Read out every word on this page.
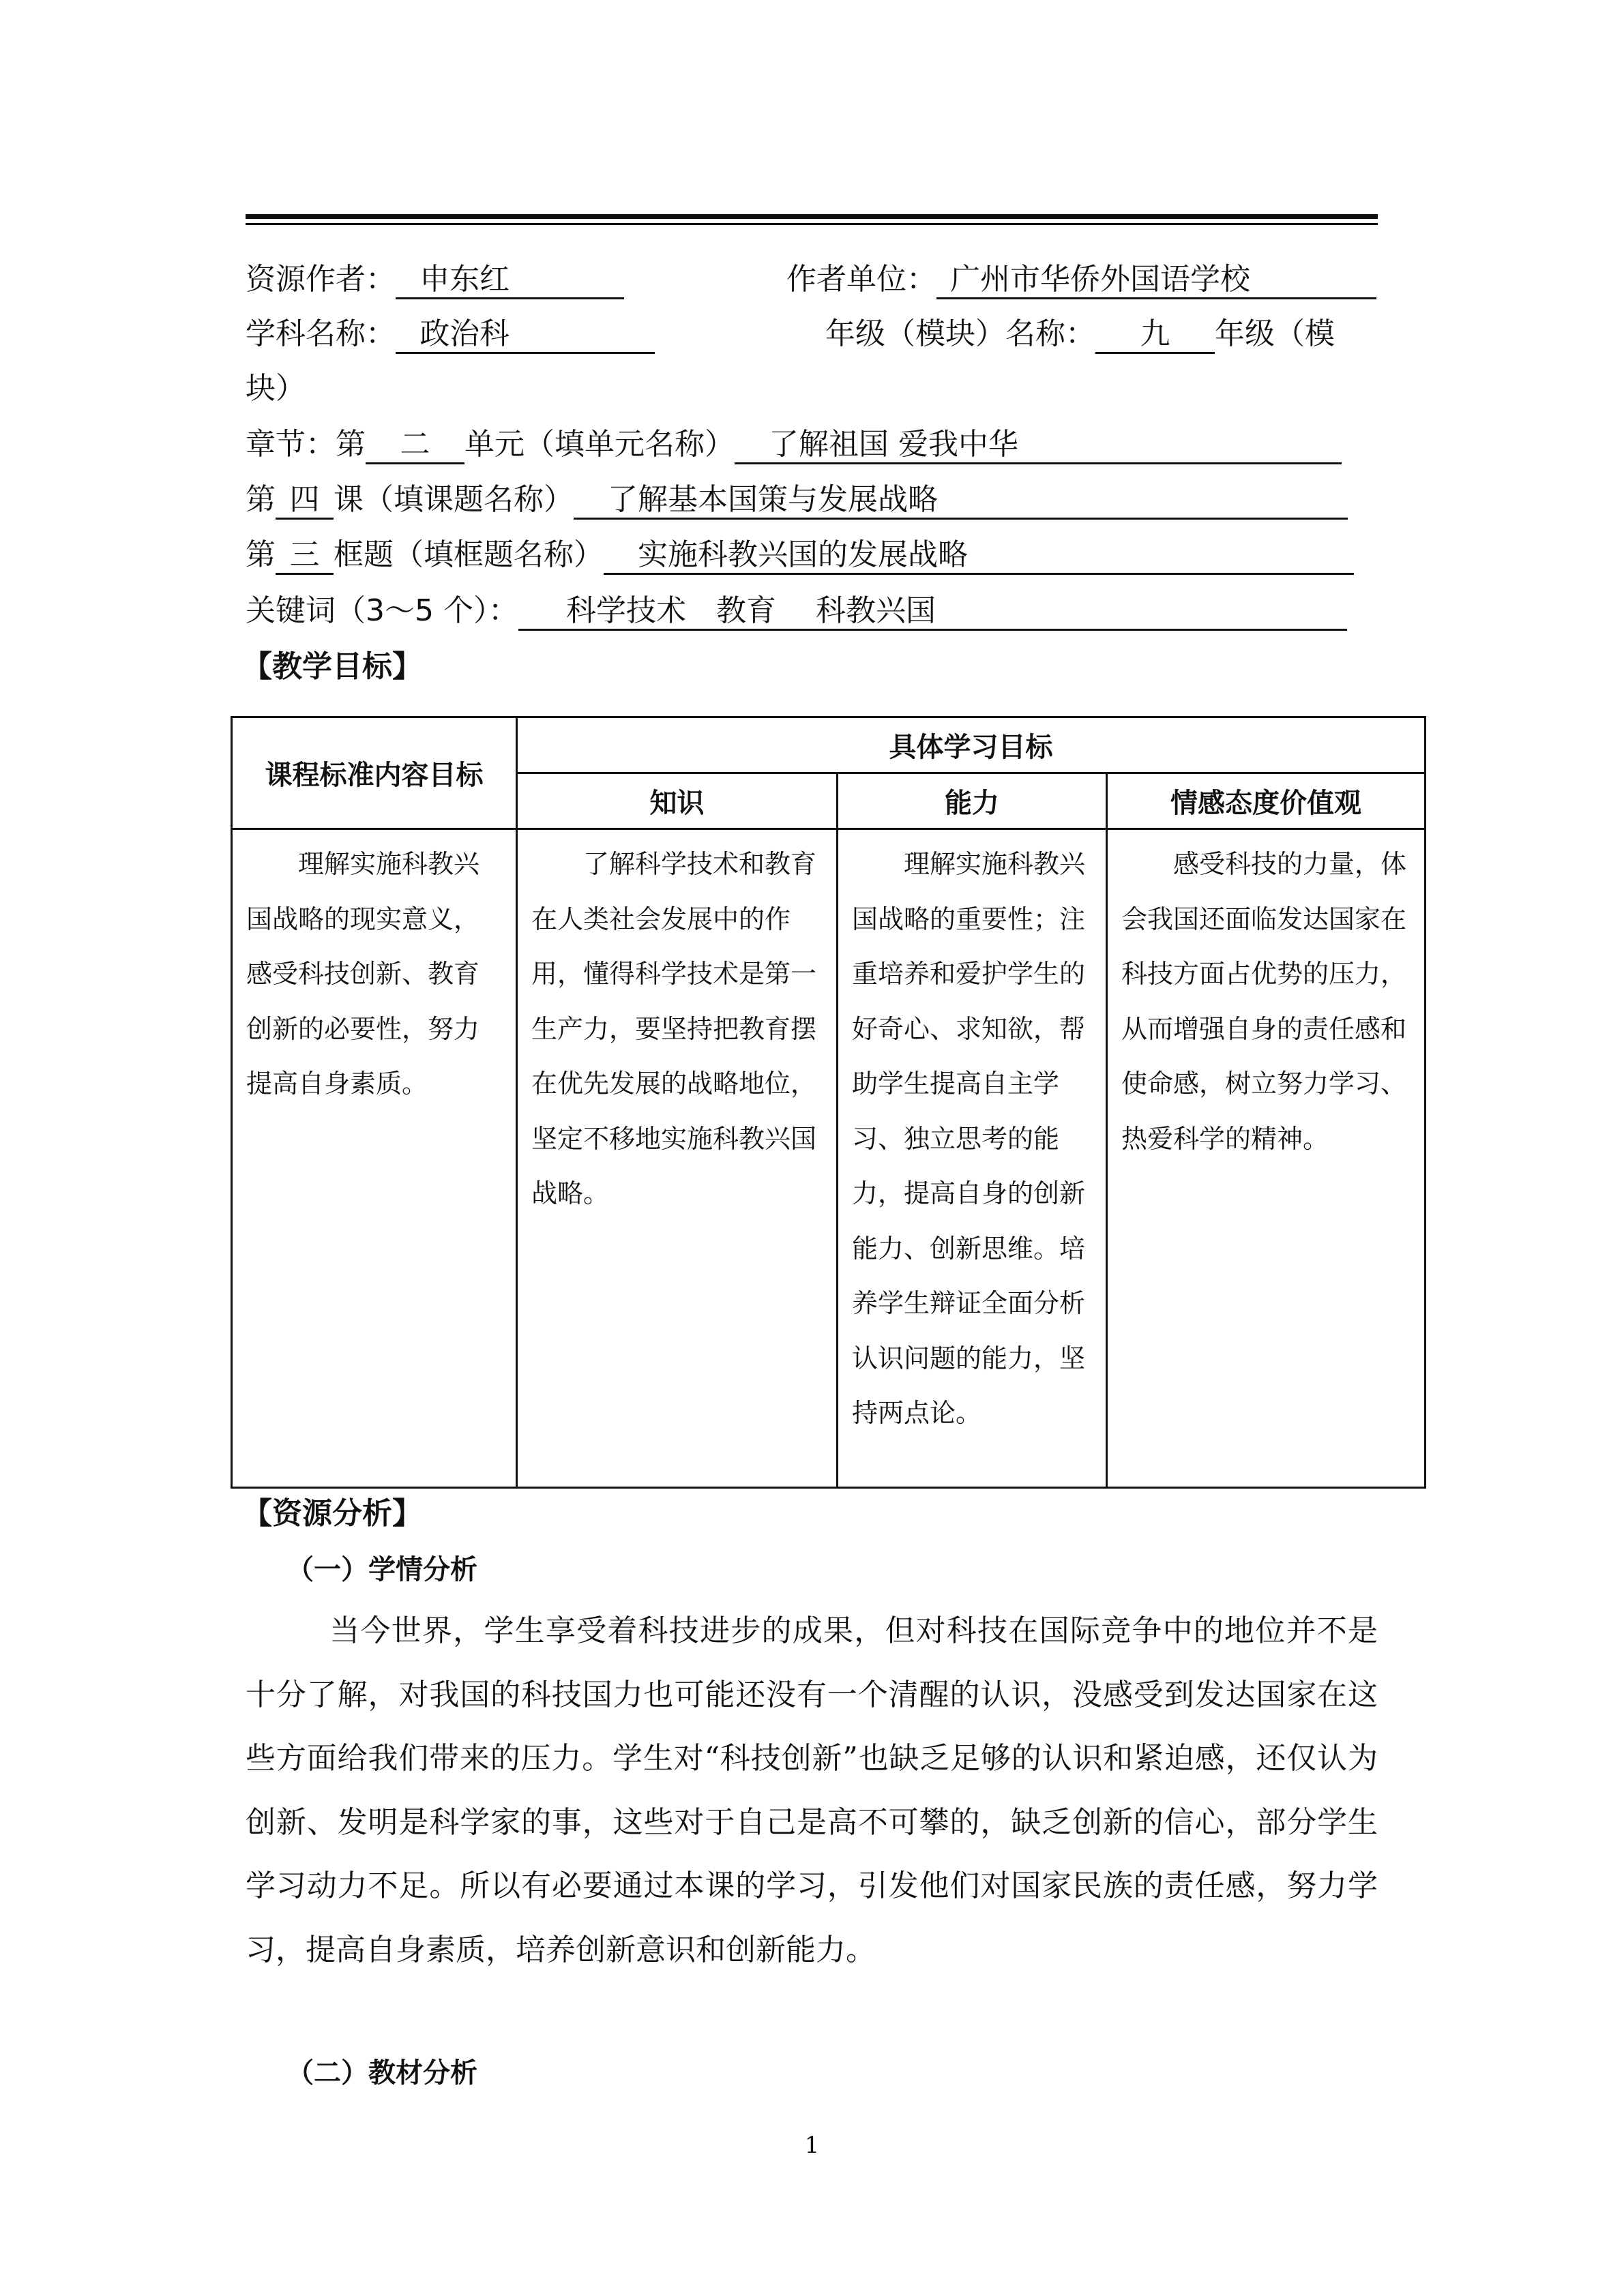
资源作者： 申东红	作者单位： 广州市华侨外国语学校
学科名称： 政治科	年级（模块）名称： 九 年级（模
块）
章节：第 二 单元（填单元名称） 了解祖国 爱我中华
第 四 课（填课题名称） 了解基本国策与发展战略
第 三 框题（填框题名称） 实施科教兴国的发展战略
关键词（3～5 个）： 科学技术　教育　 科教兴国
【教学目标】
课程标准内容目标	具体学习目标		
	知识	能力	情感态度价值观
理解实施科教兴国战略的现实意义，感受科技创新、教育创新的必要性，努力提高自身素质。	了解科学技术和教育在人类社会发展中的作用，懂得科学技术是第一生产力，要坚持把教育摆在优先发展的战略地位，坚定不移地实施科教兴国战略。	理解实施科教兴国战略的重要性；注重培养和爱护学生的好奇心、求知欲，帮助学生提高自主学习、独立思考的能力，提高自身的创新能力、创新思维。培养学生辩证全面分析认识问题的能力，坚持两点论。	感受科技的力量，体会我国还面临发达国家在科技方面占优势的压力，从而增强自身的责任感和使命感，树立努力学习、热爱科学的精神。
【资源分析】
（一）学情分析
当今世界，学生享受着科技进步的成果，但对科技在国际竞争中的地位并不是十分了解，对我国的科技国力也可能还没有一个清醒的认识，没感受到发达国家在这些方面给我们带来的压力。学生对“科技创新”也缺乏足够的认识和紧迫感，还仅认为创新、发明是科学家的事，这些对于自己是高不可攀的，缺乏创新的信心，部分学生学习动力不足。所以有必要通过本课的学习，引发他们对国家民族的责任感，努力学习，提高自身素质，培养创新意识和创新能力。
（二）教材分析
1
